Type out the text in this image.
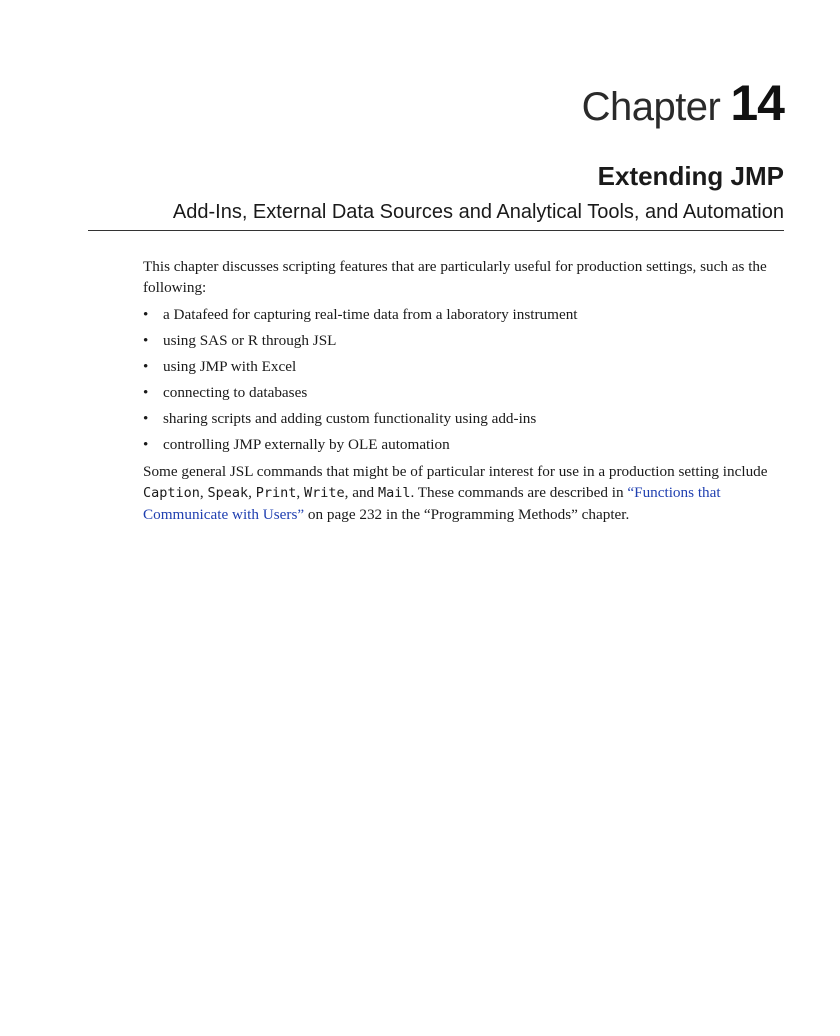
Chapter 14
Extending JMP
Add-Ins, External Data Sources and Analytical Tools, and Automation

This chapter discusses scripting features that are particularly useful for production settings, such as the following:

• a Datafeed for capturing real-time data from a laboratory instrument
• using SAS or R through JSL
• using JMP with Excel
• connecting to databases
• sharing scripts and adding custom functionality using add-ins
• controlling JMP externally by OLE automation

Some general JSL commands that might be of particular interest for use in a production setting include Caption, Speak, Print, Write, and Mail. These commands are described in “Functions that Communicate with Users” on page 232 in the “Programming Methods” chapter.
